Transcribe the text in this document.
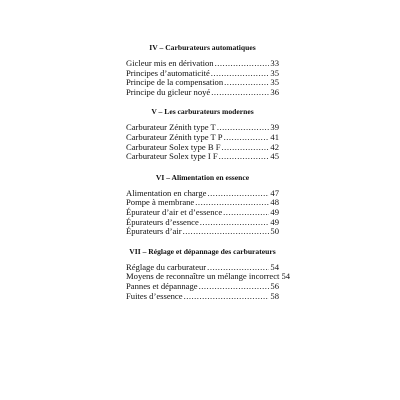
IV – Carburateurs automatiques
Gicleur mis en dérivation .....	33
Principes d’automaticité .....	35
Principe de la compensation .....	35
Principe du gicleur noyé .....	36
V – Les carburateurs modernes
Carburateur Zénith type T .....	39
Carburateur Zénith type T P .....	41
Carburateur Solex type B F .....	42
Carburateur Solex type I F .....	45
VI – Alimentation en essence
Alimentation en charge .....	47
Pompe à membrane .....	48
Épurateur d’air et d’essence .....	49
Épurateurs d’essence .....	49
Épurateurs d’air .....	50
VII – Réglage et dépannage des carburateurs
Réglage du carburateur .....	54
Moyens de reconnaître un mélange incorrect 54
Pannes et dépannage .....	56
Fuites d’essence .....	58
